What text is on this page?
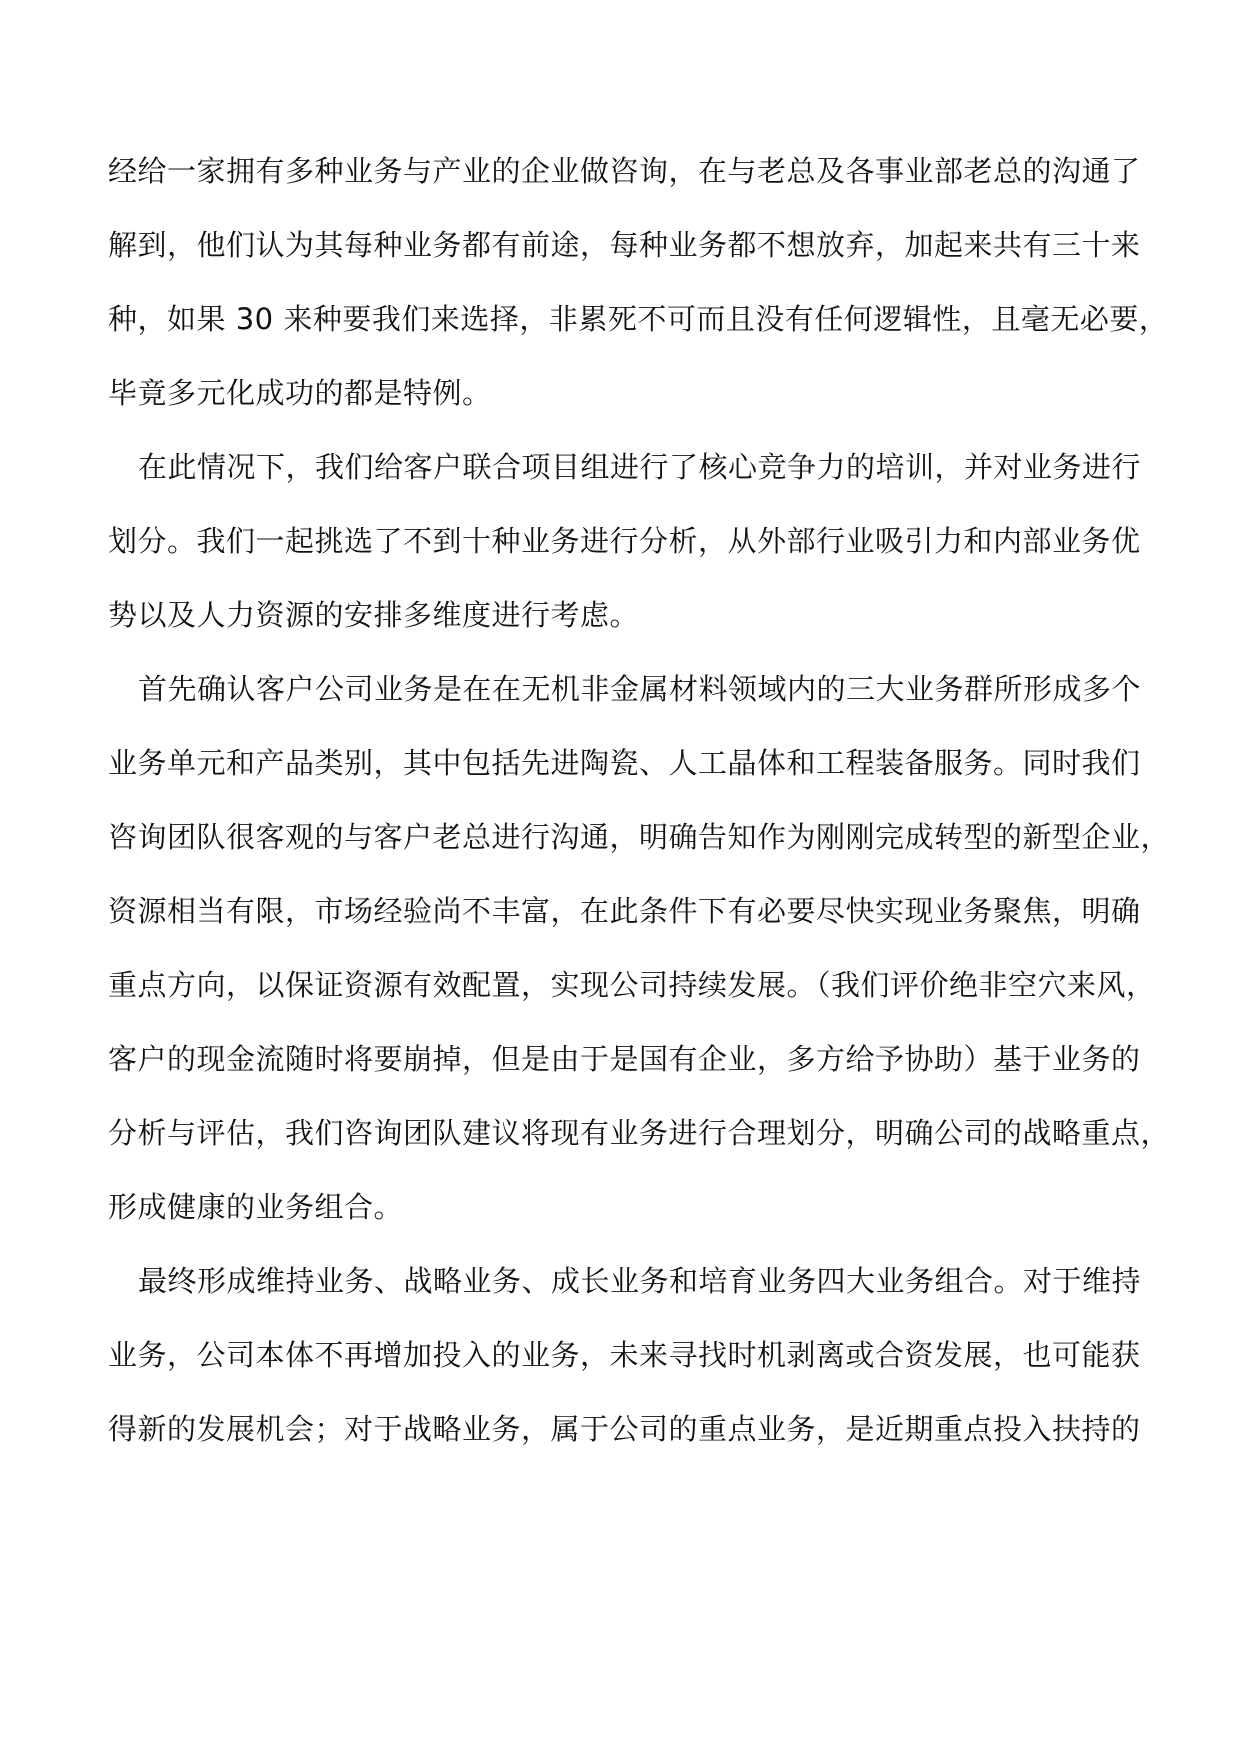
经给一家拥有多种业务与产业的企业做咨询，在与老总及各事业部老总的沟通了
解到，他们认为其每种业务都有前途，每种业务都不想放弃，加起来共有三十来
种，如果 30 来种要我们来选择，非累死不可而且没有任何逻辑性，且毫无必要，
毕竟多元化成功的都是特例。
在此情况下，我们给客户联合项目组进行了核心竞争力的培训，并对业务进行
划分。我们一起挑选了不到十种业务进行分析，从外部行业吸引力和内部业务优
势以及人力资源的安排多维度进行考虑。
首先确认客户公司业务是在在无机非金属材料领域内的三大业务群所形成多个
业务单元和产品类别，其中包括先进陶瓷、人工晶体和工程装备服务。同时我们
咨询团队很客观的与客户老总进行沟通，明确告知作为刚刚完成转型的新型企业，
资源相当有限，市场经验尚不丰富，在此条件下有必要尽快实现业务聚焦，明确
重点方向，以保证资源有效配置，实现公司持续发展。（我们评价绝非空穴来风，
客户的现金流随时将要崩掉，但是由于是国有企业，多方给予协助）基于业务的
分析与评估，我们咨询团队建议将现有业务进行合理划分，明确公司的战略重点，
形成健康的业务组合。
最终形成维持业务、战略业务、成长业务和培育业务四大业务组合。对于维持
业务，公司本体不再增加投入的业务，未来寻找时机剥离或合资发展，也可能获
得新的发展机会；对于战略业务，属于公司的重点业务，是近期重点投入扶持的
